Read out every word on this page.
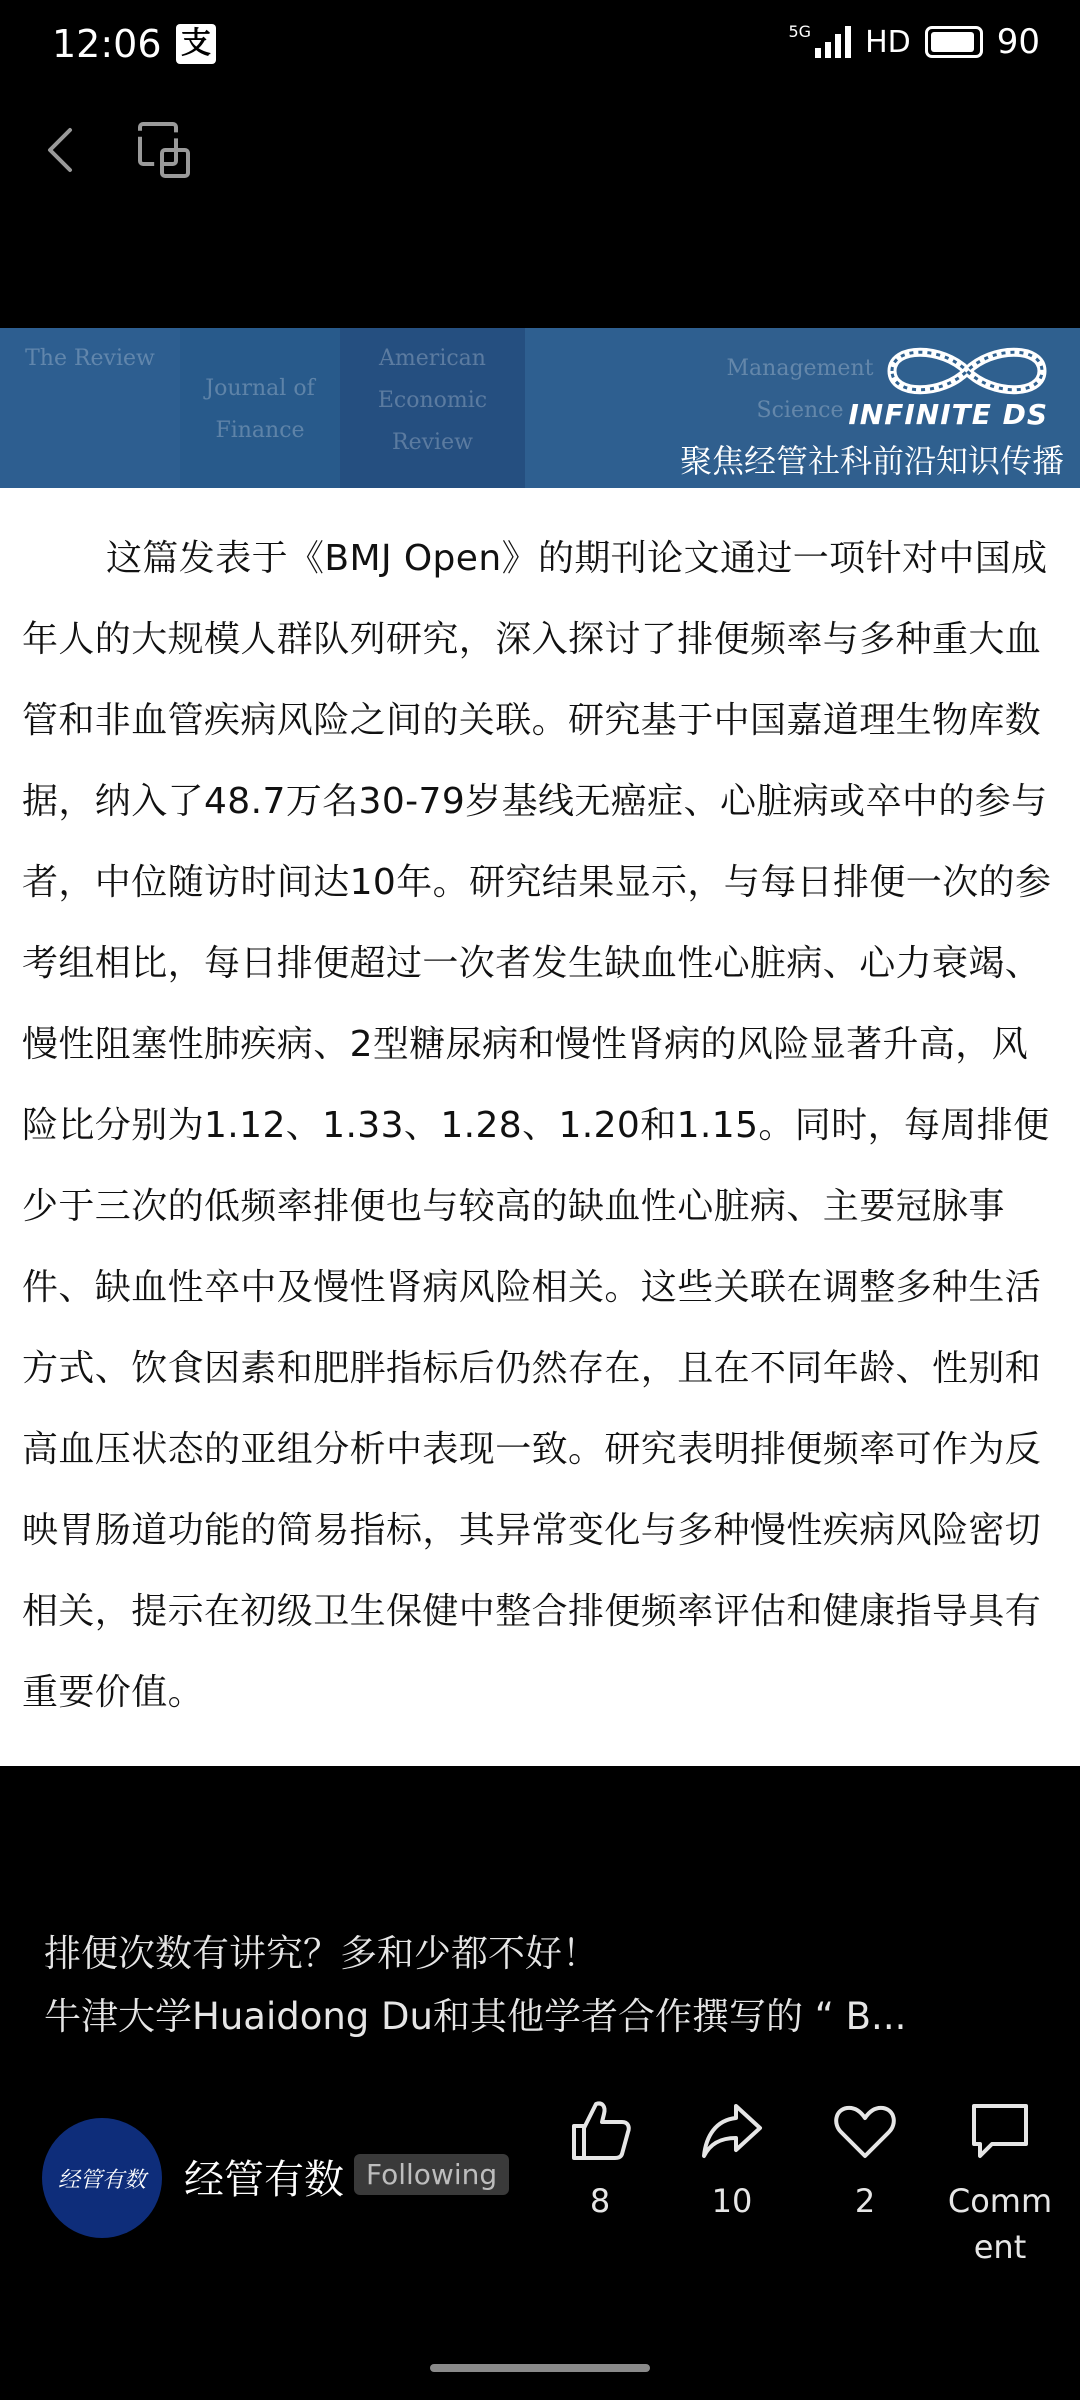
12:06 支	5G HD	90
The Review
Journal of Finance
American Economic Review
Management Science INFINITE DS
聚焦经管社科前沿知识传播

这篇发表于《BMJ Open》的期刊论文通过一项针对中国成年人的大规模人群队列研究，深入探讨了排便频率与多种重大血管和非血管疾病风险之间的关联。研究基于中国嘉道理生物库数据，纳入了48.7万名30-79岁基线无癌症、心脏病或卒中的参与者，中位随访时间达10年。研究结果显示，与每日排便一次的参考组相比，每日排便超过一次者发生缺血性心脏病、心力衰竭、慢性阻塞性肺疾病、2型糖尿病和慢性肾病的风险显著升高，风险比分别为1.12、1.33、1.28、1.20和1.15。同时，每周排便少于三次的低频率排便也与较高的缺血性心脏病、主要冠脉事件、缺血性卒中及慢性肾病风险相关。这些关联在调整多种生活方式、饮食因素和肥胖指标后仍然存在，且在不同年龄、性别和高血压状态的亚组分析中表现一致。研究表明排便频率可作为反映胃肠道功能的简易指标，其异常变化与多种慢性疾病风险密切相关，提示在初级卫生保健中整合排便频率评估和健康指导具有重要价值。

排便次数有讲究？多和少都不好！
牛津大学Huaidong Du和其他学者合作撰写的 “ B...
经管有数 经管有数 Following
8	10	2	Comm ent
